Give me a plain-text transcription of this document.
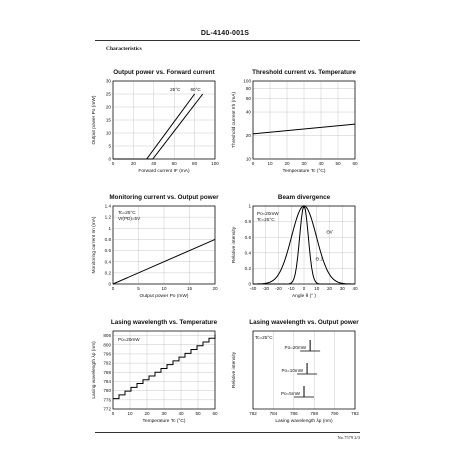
DL-4140-001S
Characteristics
Output power vs. Forward current
0	20	40	60	80	100
0
5
10
15
20
25
30
Forward current IF (mA)
Output power Po (mW)
25°C 60°C
Threshold current vs. Temperature
0	10	20	30	40	50	60
10
20
40
60
80
100
Temperature Tc (°C)
Threshold current Ith (mA)
Monitoring current vs. Output power
0	5	10	15	20
0
0.2
0.4
0.6
0.8
1
1.2
1.4
Output power Po (mW)
Monitoring current Im (mA)
Tc=25°C
Vr(PD)=5V
Beam divergence
-40 -30 -20 -10 0 10 20 30 40
0
0.2
0.4
0.6
0.8
1
Angle θ (° )
Relative intensity
Po=20mW
Tc=25°C
Θ//
Θ⊥
Lasing wavelength vs. Temperature
0	10	20	30	40	50	60
772
776
780
784
788
792
796
800
806
Temperature Tc (°C)
Lasing wavelength λp (nm)
Po=20mW
Lasing wavelength vs. Output power
782	784	786	788	790	792
Lasing wavelength λp (nm)
Relative intensity
Tc=25°C
Po=20mW
Po=10mW
Po=5mW
No.7579 2/3
